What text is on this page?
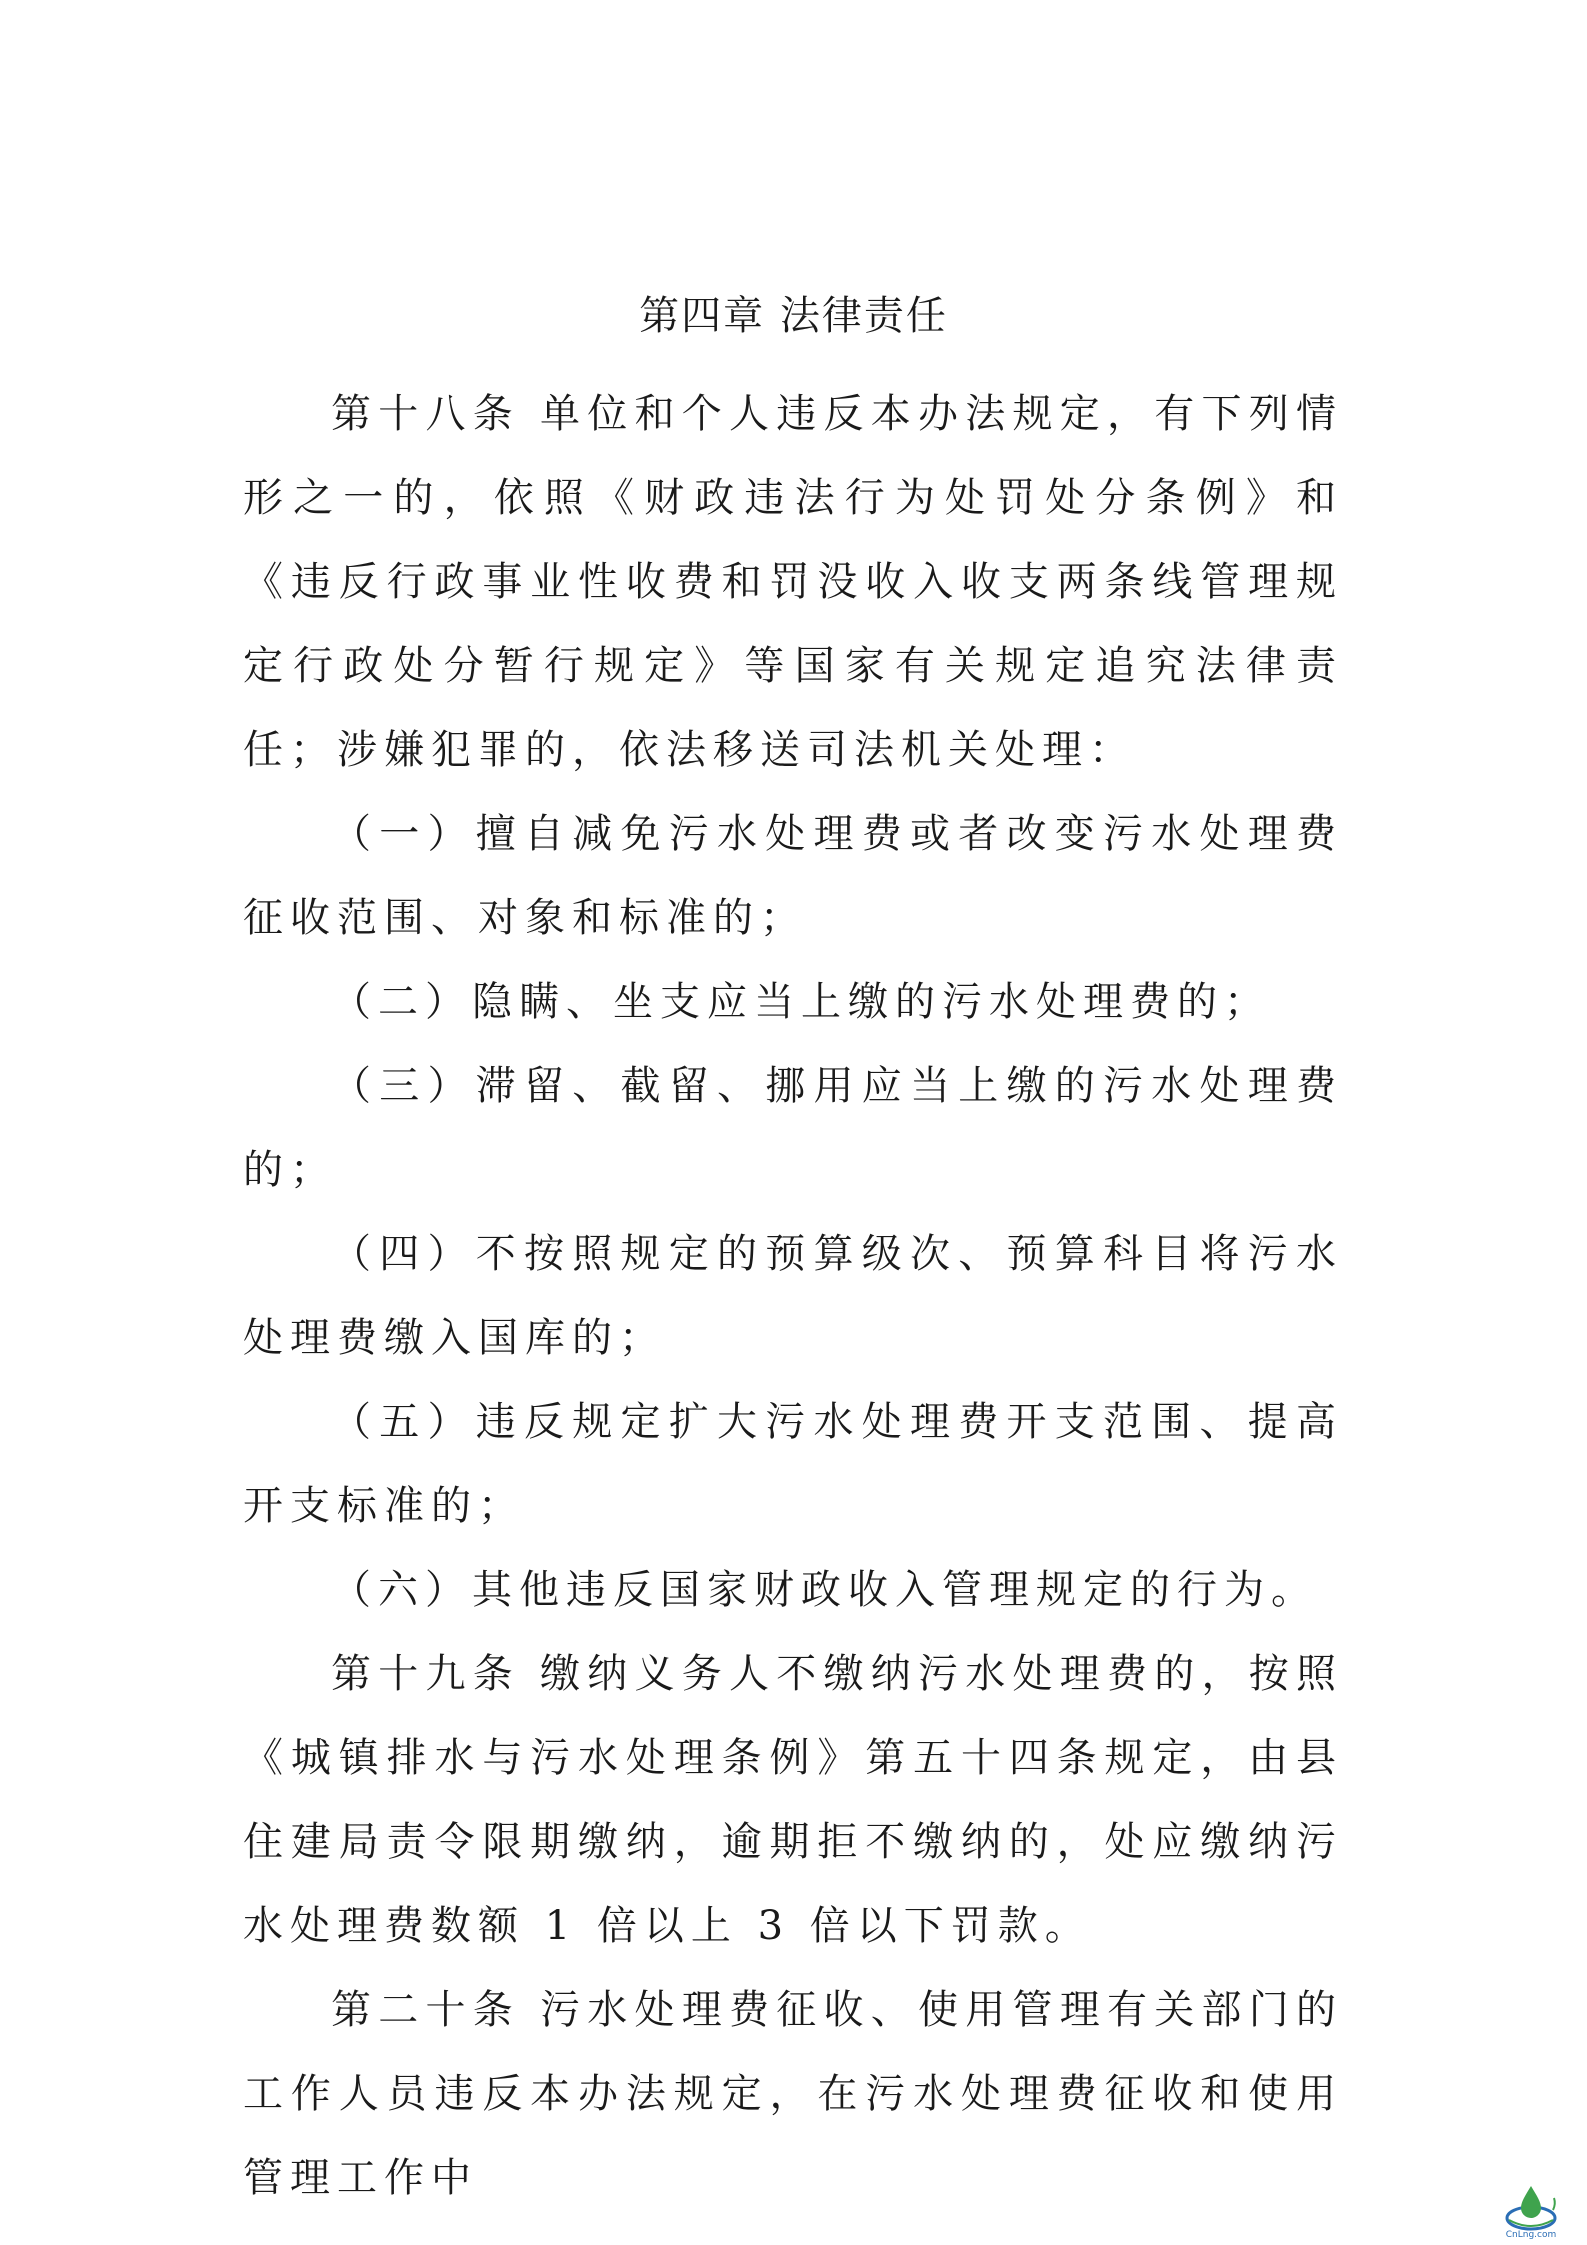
第四章 法律责任

第十八条 单位和个人违反本办法规定，有下列情形之一的，依照《财政违法行为处罚处分条例》和《违反行政事业性收费和罚没收入收支两条线管理规定行政处分暂行规定》等国家有关规定追究法律责任；涉嫌犯罪的，依法移送司法机关处理：

（一）擅自减免污水处理费或者改变污水处理费征收范围、对象和标准的；

（二）隐瞒、坐支应当上缴的污水处理费的；

（三）滞留、截留、挪用应当上缴的污水处理费的；

（四）不按照规定的预算级次、预算科目将污水处理费缴入国库的；

（五）违反规定扩大污水处理费开支范围、提高开支标准的；

（六）其他违反国家财政收入管理规定的行为。

第十九条 缴纳义务人不缴纳污水处理费的，按照《城镇排水与污水处理条例》第五十四条规定，由县住建局责令限期缴纳，逾期拒不缴纳的，处应缴纳污水处理费数额 1 倍以上 3 倍以下罚款。

第二十条 污水处理费征收、使用管理有关部门的工作人员违反本办法规定，在污水处理费征收和使用管理工作中

CnLng.com
